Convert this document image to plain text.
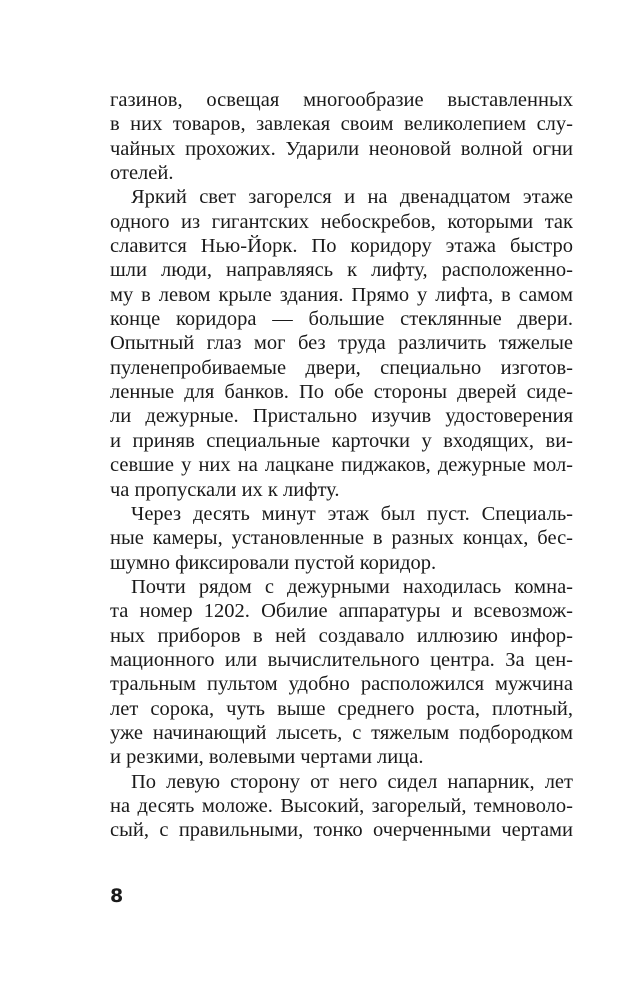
газинов, освещая многообразие выставленных
в них товаров, завлекая своим великолепием слу-
чайных прохожих. Ударили неоновой волной огни
отелей.
Яркий свет загорелся и на двенадцатом этаже
одного из гигантских небоскребов, которыми так
славится Нью-Йорк. По коридору этажа быстро
шли люди, направляясь к лифту, расположенно-
му в левом крыле здания. Прямо у лифта, в самом
конце коридора — большие стеклянные двери.
Опытный глаз мог без труда различить тяжелые
пуленепробиваемые двери, специально изготов-
ленные для банков. По обе стороны дверей сиде-
ли дежурные. Пристально изучив удостоверения
и приняв специальные карточки у входящих, ви-
севшие у них на лацкане пиджаков, дежурные мол-
ча пропускали их к лифту.
Через десять минут этаж был пуст. Специаль-
ные камеры, установленные в разных концах, бес-
шумно фиксировали пустой коридор.
Почти рядом с дежурными находилась комна-
та номер 1202. Обилие аппаратуры и всевозмож-
ных приборов в ней создавало иллюзию инфор-
мационного или вычислительного центра. За цен-
тральным пультом удобно расположился мужчина
лет сорока, чуть выше среднего роста, плотный,
уже начинающий лысеть, с тяжелым подбородком
и резкими, волевыми чертами лица.
По левую сторону от него сидел напарник, лет
на десять моложе. Высокий, загорелый, темноволо-
сый, с правильными, тонко очерченными чертами
8
